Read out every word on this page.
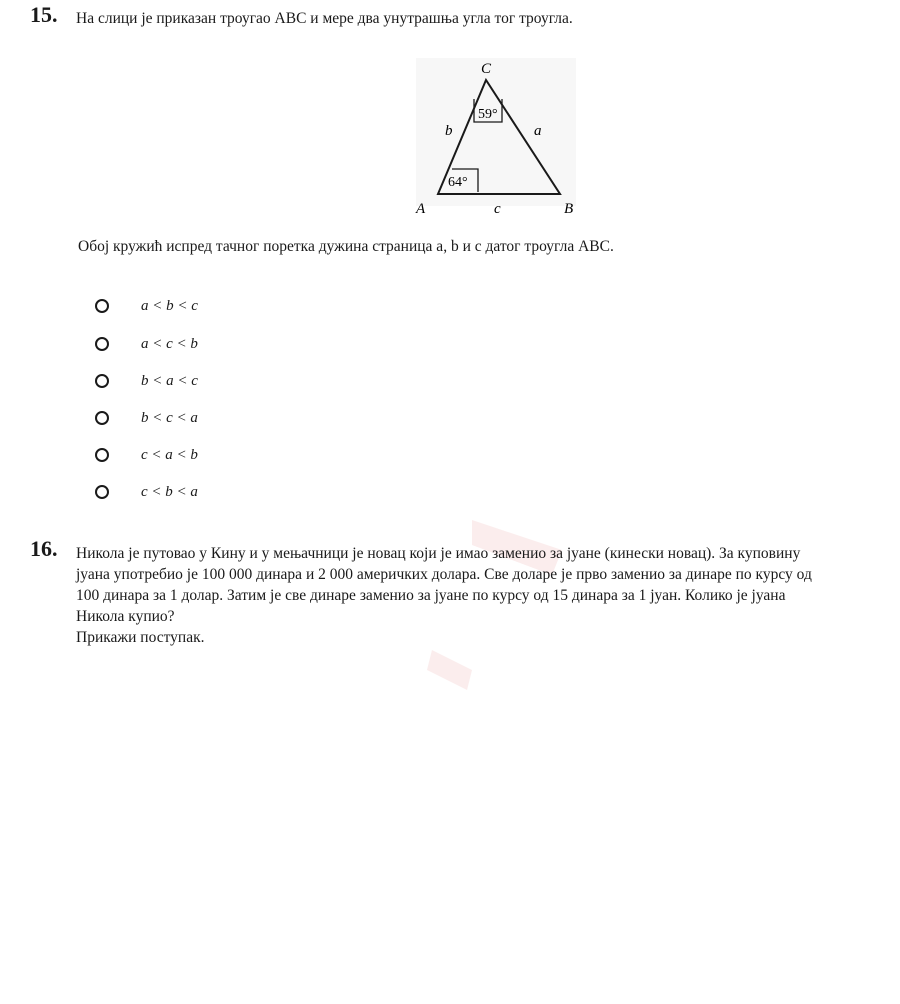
15. На слици је приказан троугао ABC и мере два унутрашња угла тог троугла.
59°
64°
C
A	B
b	a
c
Обој кружић испред тачног поретка дужина страница a, b и c датог троугла ABC.
a < b < c
a < c < b
b < a < c
b < c < a
c < a < b
c < b < a
16. Никола је путовао у Кину и у мењачници је новац који је имао заменио за јуане (кинески новац). За куповину
јуана употребио је 100 000 динара и 2 000 америчких долара. Све доларе је прво заменио за динаре по курсу од
100 динара за 1 долар. Затим је све динаре заменио за јуане по курсу од 15 динара за 1 јуан. Колико је јуана
Никола купио?
Прикажи поступак.
